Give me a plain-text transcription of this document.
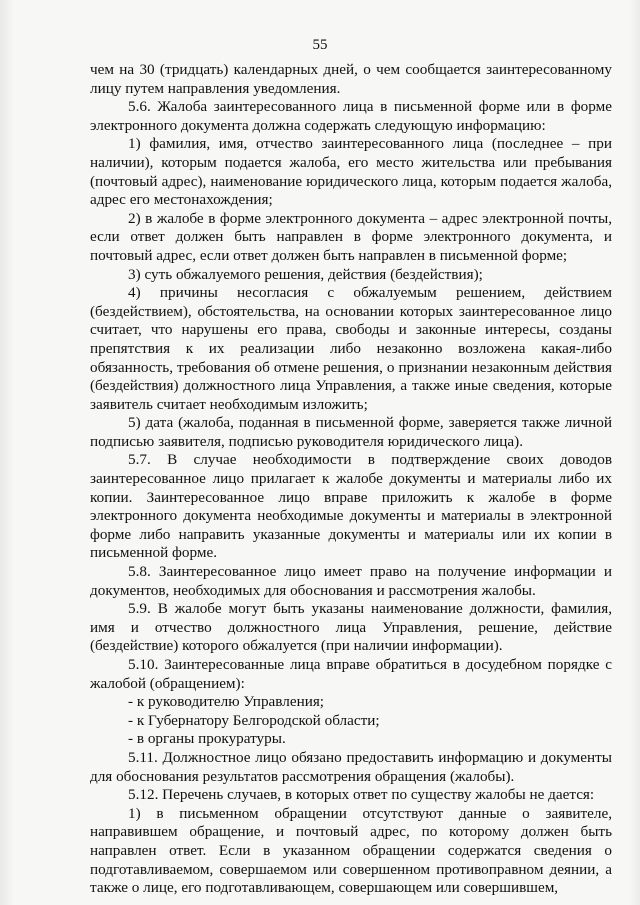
55

чем на 30 (тридцать) календарных дней, о чем сообщается заинтересованному лицу путем направления уведомления.

5.6. Жалоба заинтересованного лица в письменной форме или в форме электронного документа должна содержать следующую информацию:

1) фамилия, имя, отчество заинтересованного лица (последнее – при наличии), которым подается жалоба, его место жительства или пребывания (почтовый адрес), наименование юридического лица, которым подается жалоба, адрес его местонахождения;

2) в жалобе в форме электронного документа – адрес электронной почты, если ответ должен быть направлен в форме электронного документа, и почтовый адрес, если ответ должен быть направлен в письменной форме;

3) суть обжалуемого решения, действия (бездействия);

4) причины несогласия с обжалуемым решением, действием (бездействием), обстоятельства, на основании которых заинтересованное лицо считает, что нарушены его права, свободы и законные интересы, созданы препятствия к их реализации либо незаконно возложена какая-либо обязанность, требования об отмене решения, о признании незаконным действия (бездействия) должностного лица Управления, а также иные сведения, которые заявитель считает необходимым изложить;

5) дата (жалоба, поданная в письменной форме, заверяется также личной подписью заявителя, подписью руководителя юридического лица).

5.7. В случае необходимости в подтверждение своих доводов заинтересованное лицо прилагает к жалобе документы и материалы либо их копии. Заинтересованное лицо вправе приложить к жалобе в форме электронного документа необходимые документы и материалы в электронной форме либо направить указанные документы и материалы или их копии в письменной форме.

5.8. Заинтересованное лицо имеет право на получение информации и документов, необходимых для обоснования и рассмотрения жалобы.

5.9. В жалобе могут быть указаны наименование должности, фамилия, имя и отчество должностного лица Управления, решение, действие (бездействие) которого обжалуется (при наличии информации).

5.10. Заинтересованные лица вправе обратиться в досудебном порядке с жалобой (обращением):

- к руководителю Управления;

- к Губернатору Белгородской области;

- в органы прокуратуры.

5.11. Должностное лицо обязано предоставить информацию и документы для обоснования результатов рассмотрения обращения (жалобы).

5.12. Перечень случаев, в которых ответ по существу жалобы не дается:

1) в письменном обращении отсутствуют данные о заявителе, направившем обращение, и почтовый адрес, по которому должен быть направлен ответ. Если в указанном обращении содержатся сведения о подготавливаемом, совершаемом или совершенном противоправном деянии, а также о лице, его подготавливающем, совершающем или совершившем,
